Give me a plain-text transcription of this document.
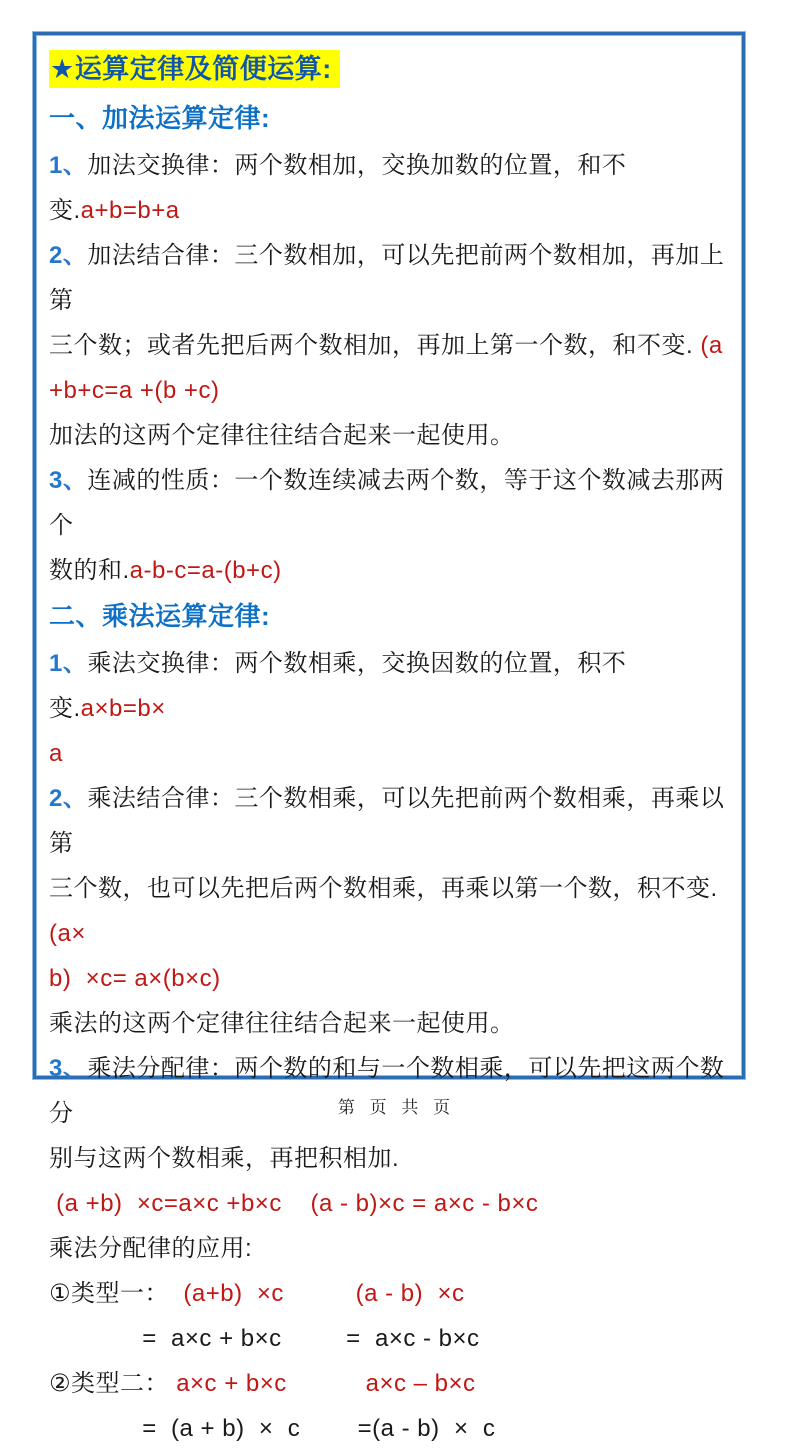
★运算定律及简便运算:
一、加法运算定律:
1、加法交换律：两个数相加，交换加数的位置，和不变.a+b=b+a
2、加法结合律：三个数相加，可以先把前两个数相加，再加上第
三个数；或者先把后两个数相加，再加上第一个数，和不变. (a
+b+c=a +(b +c)
加法的这两个定律往往结合起来一起使用。
3、连减的性质：一个数连续减去两个数，等于这个数减去那两个
数的和.a-b-c=a-(b+c)
二、乘法运算定律:
1、乘法交换律：两个数相乘，交换因数的位置，积不变.a×b=b×
a
2、乘法结合律：三个数相乘，可以先把前两个数相乘，再乘以第
三个数，也可以先把后两个数相乘，再乘以第一个数，积不变. (a×
b)  ×c= a×(b×c)
乘法的这两个定律往往结合起来一起使用。
3、乘法分配律：两个数的和与一个数相乘，可以先把这两个数分
别与这两个数相乘，再把积相加.
(a +b)  ×c=a×c +b×c    (a - b)×c = a×c - b×c
乘法分配律的应用:
①类型一：  (a+b)  ×c	(a - b)  ×c
=  a×c + b×c         =  a×c - b×c
②类型二： a×c + b×c	a×c – b×c
=  (a + b)  ×  c        =(a - b)  ×  c
第 页 共 页
